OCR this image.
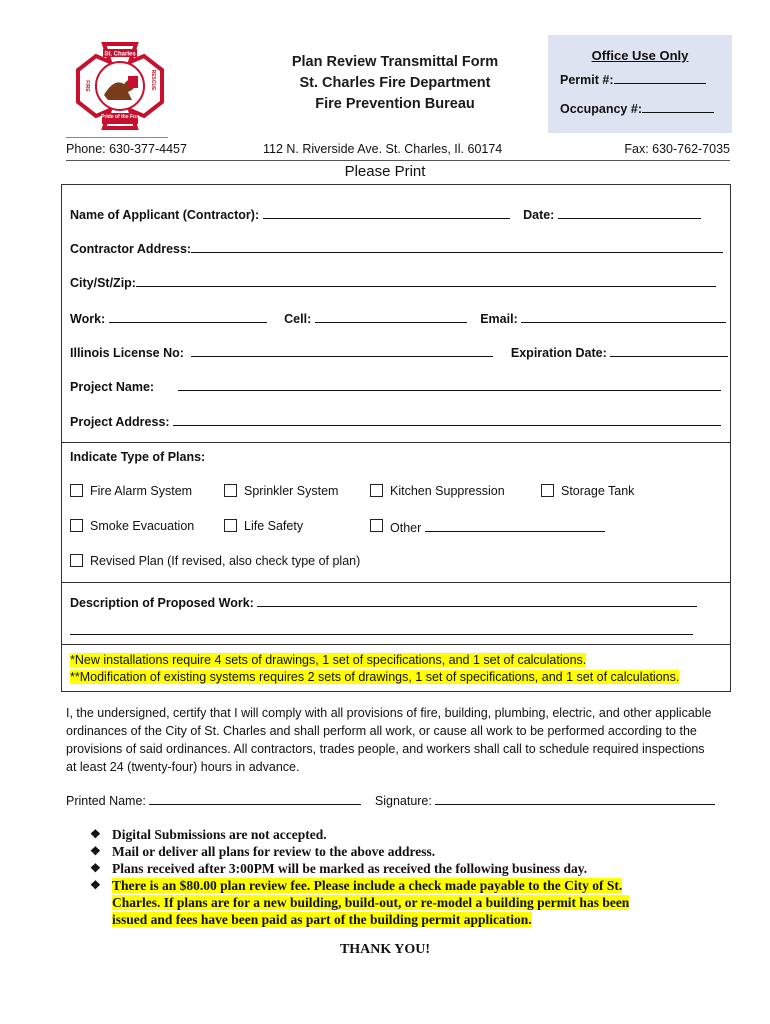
St. Charles
Pride of the Fox
FIRE	RESCUE
Plan Review Transmittal Form
St. Charles Fire Department
Fire Prevention Bureau
Office Use Only
Permit #:
Occupancy #:
Phone: 630-377-4457	112 N. Riverside Ave. St. Charles, Il. 60174	Fax: 630-762-7035
Please Print
Name of Applicant (Contractor):	Date:
Contractor Address:
City/St/Zip:
Work:	Cell:	Email:
Illinois License No:	Expiration Date:
Project Name:
Project Address:
Indicate Type of Plans:
Fire Alarm System	Sprinkler System	Kitchen Suppression	Storage Tank
Smoke Evacuation	Life Safety	Other
Revised Plan (If revised, also check type of plan)
Description of Proposed Work:
*New installations require 4 sets of drawings, 1 set of specifications, and 1 set of calculations.
**Modification of existing systems requires 2 sets of drawings, 1 set of specifications, and 1 set of calculations.
I, the undersigned, certify that I will comply with all provisions of fire, building, plumbing, electric, and other applicable ordinances of the City of St. Charles and shall perform all work, or cause all work to be performed according to the provisions of said ordinances. All contractors, trades people, and workers shall call to schedule required inspections at least 24 (twenty-four) hours in advance.
Printed Name:	Signature:
❖ Digital Submissions are not accepted.
❖ Mail or deliver all plans for review to the above address.
❖ Plans received after 3:00PM will be marked as received the following business day.
❖ There is an $80.00 plan review fee. Please include a check made payable to the City of St. Charles. If plans are for a new building, build-out, or re-model a building permit has been issued and fees have been paid as part of the building permit application.
THANK YOU!
